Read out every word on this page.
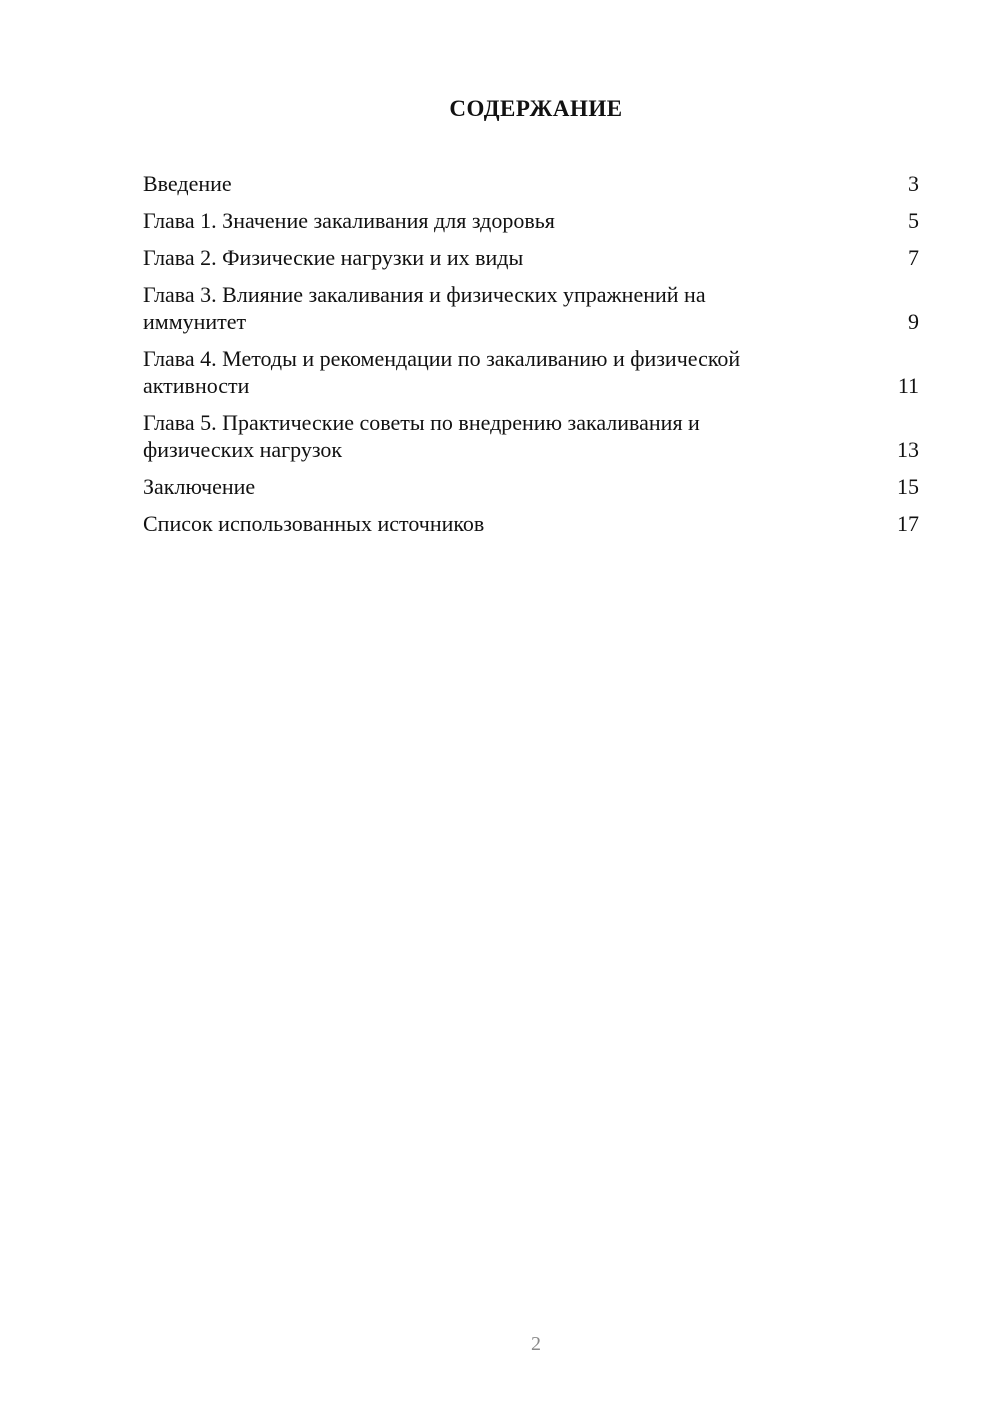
СОДЕРЖАНИЕ
Введение	3
Глава 1. Значение закаливания для здоровья	5
Глава 2. Физические нагрузки и их виды	7
Глава 3. Влияние закаливания и физических упражнений на иммунитет	9
Глава 4. Методы и рекомендации по закаливанию и физической активности	11
Глава 5. Практические советы по внедрению закаливания и физических нагрузок	13
Заключение	15
Список использованных источников	17
2
